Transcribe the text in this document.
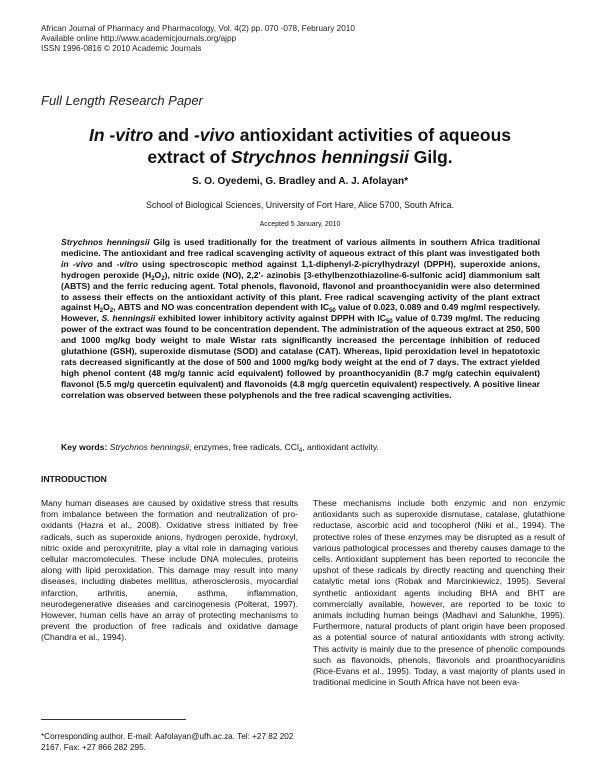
African Journal of Pharmacy and Pharmacology, Vol. 4(2) pp. 070 -078, February 2010
Available online http://www.academicjournals.org/ajpp
ISSN 1996-0816 © 2010 Academic Journals
Full Length Research Paper
In -vitro and -vivo antioxidant activities of aqueous
extract of Strychnos henningsii Gilg.
S. O. Oyedemi, G. Bradley and A. J. Afolayan*
School of Biological Sciences, University of Fort Hare, Alice 5700, South Africa.
Accepted 5 January, 2010
Strychnos henningsii Gilg is used traditionally for the treatment of various ailments in southern Africa traditional medicine. The antioxidant and free radical scavenging activity of aqueous extract of this plant was investigated both in -vivo and -vitro using spectroscopic method against 1,1-diphenyl-2-picrylhydrazyl (DPPH), superoxide anions, hydrogen peroxide $(H_2O_2)$, nitric oxide (NO), 2,2'- azinobis [3-ethylbenzothiazoline-6-sulfonic acid] diammonium salt (ABTS) and the ferric reducing agent. Total phenols, flavonoid, flavonol and proanthocyanidin were also determined to assess their effects on the antioxidant activity of this plant. Free radical scavenging activity of the plant extract against $H_2O_2$, ABTS and NO was concentration dependent with $IC_{50}$ value of 0.023, 0.089 and 0.49 mg/ml respectively. However, S. henningsii exhibited lower inhibitory activity against DPPH with $IC_{50}$ value of 0.739 mg/ml. The reducing power of the extract was found to be concentration dependent. The administration of the aqueous extract at 250, 500 and 1000 mg/kg body weight to male Wistar rats significantly increased the percentage inhibition of reduced glutathione (GSH), superoxide dismutase (SOD) and catalase (CAT). Whereas, lipid peroxidation level in hepatotoxic rats decreased significantly at the dose of 500 and 1000 mg/kg body weight at the end of 7 days. The extract yielded high phenol content (48 mg/g tannic acid equivalent) followed by proanthocyanidin (8.7 mg/g catechin equivalent) flavonol (5.5 mg/g quercetin equivalent) and flavonoids (4.8 mg/g quercetin equivalent) respectively. A positive linear correlation was observed between these polyphenols and the free radical scavenging activities.
Key words: Strychnos henningsii, enzymes, free radicals, CCl$_4$, antioxidant activity.
INTRODUCTION
Many human diseases are caused by oxidative stress that results from imbalance between the formation and neutralization of pro-oxidants (Hazra et al., 2008). Oxidative stress initiated by free radicals, such as superoxide anions, hydrogen peroxide, hydroxyl, nitric oxide and peroxynitrite, play a vital role in damaging various cellular macromolecules. These include DNA molecules, proteins along with lipid peroxidation. This damage may result into many diseases, including diabetes mellitus, atherosclerosis, myocardial infarction, arthritis, anemia, asthma, inflammation, neurodegenerative diseases and carcinogenesis (Polterat, 1997). However, human cells have an array of protecting mechanisms to prevent the production of free radicals and oxidative damage (Chandra et al., 1994).
These mechanisms include both enzymic and non enzymic antioxidants such as superoxide dismutase, catalase, glutathione reductase, ascorbic acid and tocopherol (Niki et al., 1994). The protective roles of these enzymes may be disrupted as a result of various pathological processes and thereby causes damage to the cells. Antioxidant supplement has been reported to reconcile the upshot of these radicals by directly reacting and quenching their catalytic metal ions (Robak and Marcinkiewicz, 1995). Several synthetic antioxidant agents including BHA and BHT are commercially available, however, are reported to be toxic to animals including human beings (Madhavi and Salunkhe, 1995). Furthermore, natural products of plant origin have been proposed as a potential source of natural antioxidants with strong activity. This activity is mainly due to the presence of phenolic compounds such as flavonoids, phenols, flavonols and proanthocyanidins (Rice-Evans et al., 1995). Today, a vast majority of plants used in traditional medicine in South Africa have not been eva-
*Corresponding author. E-mail: Aafolayan@ufh.ac.za. Tel: +27 82 202 2167. Fax: +27 866 282 295.
